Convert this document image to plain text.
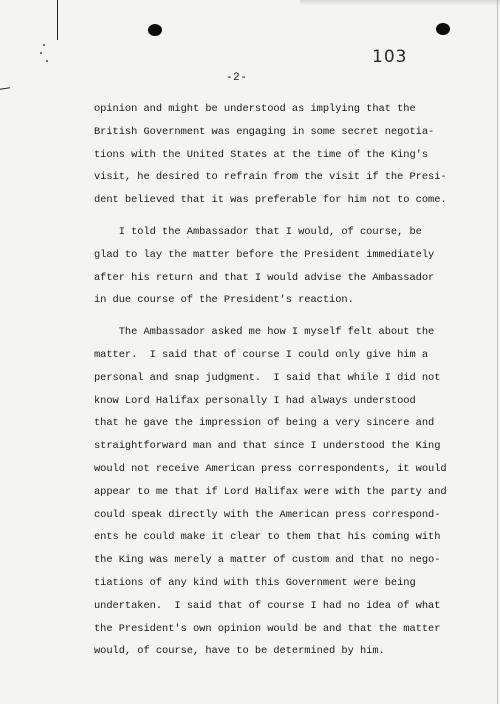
103
-2-
opinion and might be understood as implying that the
British Government was engaging in some secret negotia-
tions with the United States at the time of the King's
visit, he desired to refrain from the visit if the Presi-
dent believed that it was preferable for him not to come.
I told the Ambassador that I would, of course, be
glad to lay the matter before the President immediately
after his return and that I would advise the Ambassador
in due course of the President's reaction.
The Ambassador asked me how I myself felt about the
matter.  I said that of course I could only give him a
personal and snap judgment.  I said that while I did not
know Lord Halifax personally I had always understood
that he gave the impression of being a very sincere and
straightforward man and that since I understood the King
would not receive American press correspondents, it would
appear to me that if Lord Halifax were with the party and
could speak directly with the American press correspond-
ents he could make it clear to them that his coming with
the King was merely a matter of custom and that no nego-
tiations of any kind with this Government were being
undertaken.  I said that of course I had no idea of what
the President's own opinion would be and that the matter
would, of course, have to be determined by him.
